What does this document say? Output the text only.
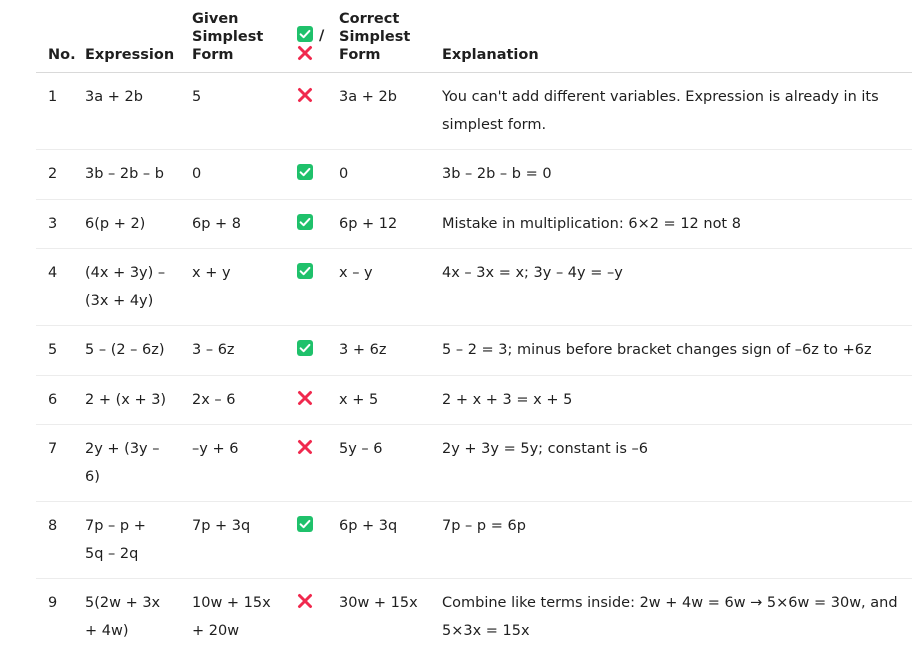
No.	Expression	Given Simplest Form	/	Correct Simplest Form	Explanation
1	3a + 2b	5		3a + 2b	You can't add different variables. Expression is already in its simplest form.
2	3b – 2b – b	0		0	3b – 2b – b = 0
3	6(p + 2)	6p + 8		6p + 12	Mistake in multiplication: 6×2 = 12 not 8
4	(4x + 3y) – (3x + 4y)	x + y		x – y	4x – 3x = x; 3y – 4y = –y
5	5 – (2 – 6z)	3 – 6z		3 + 6z	5 – 2 = 3; minus before bracket changes sign of –6z to +6z
6	2 + (x + 3)	2x – 6		x + 5	2 + x + 3 = x + 5
7	2y + (3y – 6)	–y + 6		5y – 6	2y + 3y = 5y; constant is –6
8	7p – p + 5q – 2q	7p + 3q		6p + 3q	7p – p = 6p
9	5(2w + 3x + 4w)	10w + 15x + 20w		30w + 15x	Combine like terms inside: 2w + 4w = 6w → 5×6w = 30w, and 5×3x = 15x
